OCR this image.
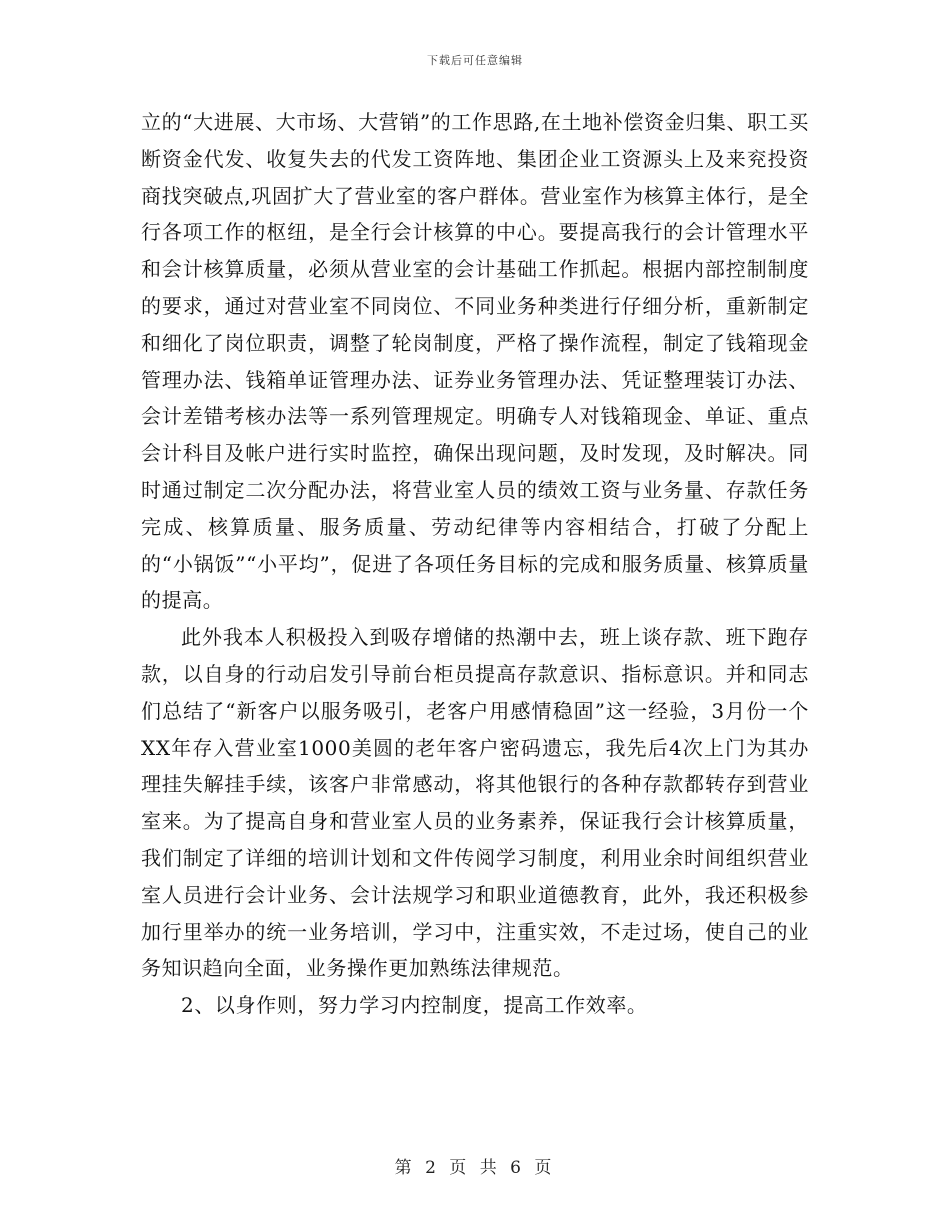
下载后可任意编辑

立的“大进展、大市场、大营销”的工作思路,在土地补偿资金归集、职工买断资金代发、收复失去的代发工资阵地、集团企业工资源头上及来兖投资商找突破点,巩固扩大了营业室的客户群体。营业室作为核算主体行，是全行各项工作的枢纽，是全行会计核算的中心。要提高我行的会计管理水平和会计核算质量，必须从营业室的会计基础工作抓起。根据内部控制制度的要求，通过对营业室不同岗位、不同业务种类进行仔细分析，重新制定和细化了岗位职责，调整了轮岗制度，严格了操作流程，制定了钱箱现金管理办法、钱箱单证管理办法、证券业务管理办法、凭证整理装订办法、会计差错考核办法等一系列管理规定。明确专人对钱箱现金、单证、重点会计科目及帐户进行实时监控，确保出现问题，及时发现，及时解决。同时通过制定二次分配办法，将营业室人员的绩效工资与业务量、存款任务完成、核算质量、服务质量、劳动纪律等内容相结合，打破了分配上的“小锅饭”“小平均”，促进了各项任务目标的完成和服务质量、核算质量的提高。

此外我本人积极投入到吸存增储的热潮中去，班上谈存款、班下跑存款，以自身的行动启发引导前台柜员提高存款意识、指标意识。并和同志们总结了“新客户以服务吸引，老客户用感情稳固”这一经验，3月份一个XX年存入营业室1000美圆的老年客户密码遗忘，我先后4次上门为其办理挂失解挂手续，该客户非常感动，将其他银行的各种存款都转存到营业室来。为了提高自身和营业室人员的业务素养，保证我行会计核算质量，我们制定了详细的培训计划和文件传阅学习制度，利用业余时间组织营业室人员进行会计业务、会计法规学习和职业道德教育，此外，我还积极参加行里举办的统一业务培训，学习中，注重实效，不走过场，使自己的业务知识趋向全面，业务操作更加熟练法律规范。

2、以身作则，努力学习内控制度，提高工作效率。

第 2 页 共 6 页
